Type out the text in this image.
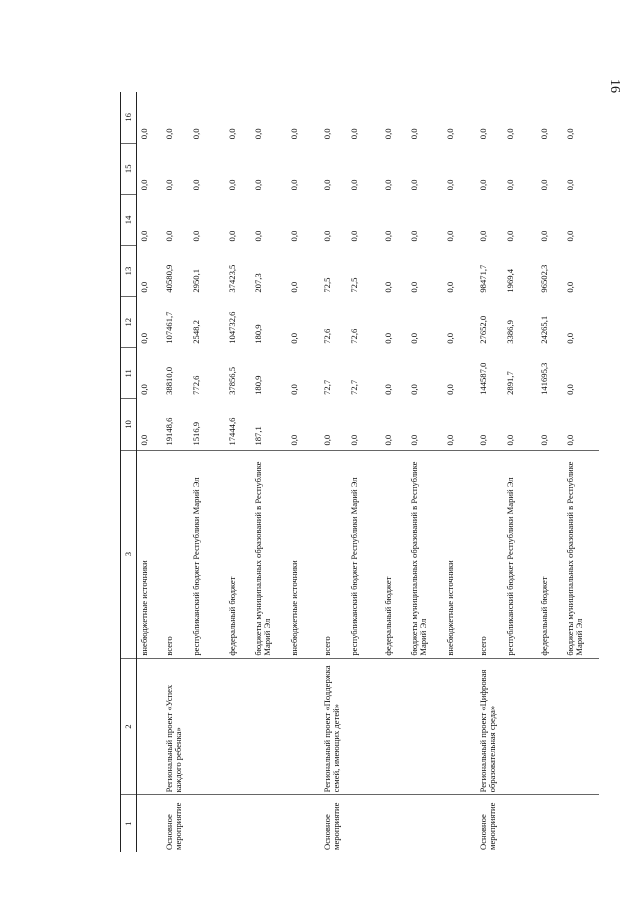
16
1	2	3	10	11	12	13	14	15	16
		внебюджетные источники	0,0	0,0	0,0	0,0	0,0	0,0	0,0
Основное мероприятие	Региональный проект «Успех каждого ребенка»	всего	19148,6	38810,0	107461,7	40580,9	0,0	0,0	0,0
		республиканский бюджет Республики Марий Эл	1516,9	772,6	2548,2	2950,1	0,0	0,0	0,0
		федеральный бюджет	17444,6	37856,5	104732,6	37423,5	0,0	0,0	0,0
		бюджеты муниципальных образований в Республике Марий Эл	187,1	180,9	180,9	207,3	0,0	0,0	0,0
		внебюджетные источники	0,0	0,0	0,0	0,0	0,0	0,0	0,0
Основное мероприятие	Региональный проект «Поддержка семей, имеющих детей»	всего	0,0	72,7	72,6	72,5	0,0	0,0	0,0
		республиканский бюджет Республики Марий Эл	0,0	72,7	72,6	72,5	0,0	0,0	0,0
		федеральный бюджет	0,0	0,0	0,0	0,0	0,0	0,0	0,0
		бюджеты муниципальных образований в Республике Марий Эл	0,0	0,0	0,0	0,0	0,0	0,0	0,0
		внебюджетные источники	0,0	0,0	0,0	0,0	0,0	0,0	0,0
Основное мероприятие	Региональный проект «Цифровая образовательная среда»	всего	0,0	144587,0	27652,0	98471,7	0,0	0,0	0,0
		республиканский бюджет Республики Марий Эл	0,0	2891,7	3386,9	1969,4	0,0	0,0	0,0
		федеральный бюджет	0,0	141695,3	24265,1	96502,3	0,0	0,0	0,0
		бюджеты муниципальных образований в Республике Марий Эл	0,0	0,0	0,0	0,0	0,0	0,0	0,0
